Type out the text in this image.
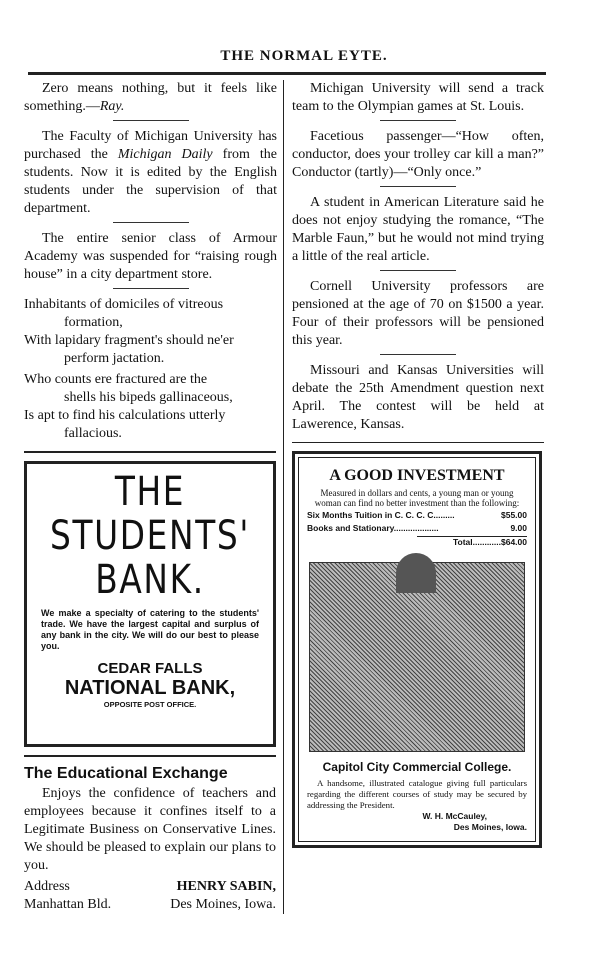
THE NORMAL EYTE.

Zero means nothing, but it feels like something.—Ray.

The Faculty of Michigan University has purchased the Michigan Daily from the students. Now it is edited by the English students under the supervision of that department.

The entire senior class of Armour Academy was suspended for “raising rough house” in a city department store.

Inhabitants of domiciles of vitreous
formation,
With lapidary fragment's should ne'er
perform jactation.
Who counts ere fractured are the
shells his bipeds gallinaceous,
Is apt to find his calculations utterly
fallacious.
THE
STUDENTS'
BANK.
We make a specialty of catering to the students' trade. We have the largest capital and surplus of any bank in the city. We will do our best to please you.
CEDAR FALLS
NATIONAL BANK,
OPPOSITE POST OFFICE.
The Educational Exchange

Enjoys the confidence of teachers and employees because it confines itself to a Legitimate Business on Conservative Lines. We should be pleased to explain our plans to you.

Address	HENRY SABIN,
Manhattan Bld.	Des Moines, Iowa.

Michigan University will send a track team to the Olympian games at St. Louis.

Facetious passenger—“How often, conductor, does your trolley car kill a man?” Conductor (tartly)—“Only once.”

A student in American Literature said he does not enjoy studying the romance, “The Marble Faun,” but he would not mind trying a little of the real article.

Cornell University professors are pensioned at the age of 70 on $1500 a year. Four of their professors will be pensioned this year.

Missouri and Kansas Universities will debate the 25th Amendment question next April. The contest will be held at Lawerence, Kansas.

A GOOD INVESTMENT
Measured in dollars and cents, a young man or young woman can find no better investment than the following:
Six Months Tuition in C. C. C. C.........	$55.00
Books and Stationary...................	9.00
Total ............ $64.00
Capitol City Commercial College.
A handsome, illustrated catalogue giving full particulars regarding the different courses of study may be secured by addressing the President.
W. H. McCauley,
Des Moines, Iowa.
